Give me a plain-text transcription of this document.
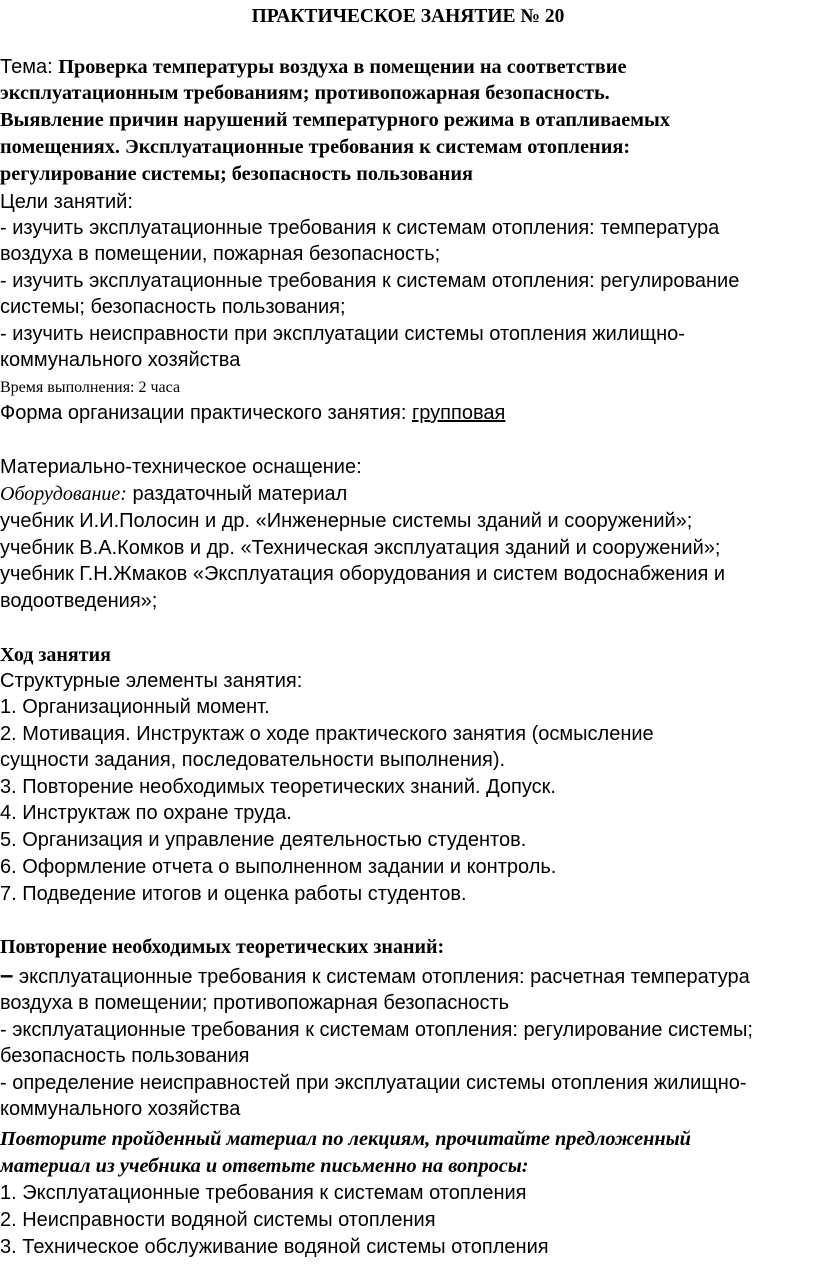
ПРАКТИЧЕСКОЕ ЗАНЯТИЕ № 20
Тема: Проверка температуры воздуха в помещении на соответствие
эксплуатационным требованиям; противопожарная безопасность.
Выявление причин нарушений температурного режима в отапливаемых
помещениях. Эксплуатационные требования к системам отопления:
регулирование системы; безопасность пользования
Цели занятий:
- изучить эксплуатационные требования к системам отопления: температура
воздуха в помещении, пожарная безопасность;
- изучить эксплуатационные требования к системам отопления: регулирование
системы; безопасность пользования;
- изучить неисправности при эксплуатации системы отопления жилищно-
коммунального хозяйства
Время выполнения: 2 часа
Форма организации практического занятия: групповая
Материально-техническое оснащение:
Оборудование: раздаточный материал
учебник И.И.Полосин и др. «Инженерные системы зданий и сооружений»;
учебник В.А.Комков и др. «Техническая эксплуатация зданий и сооружений»;
учебник Г.Н.Жмаков «Эксплуатация оборудования и систем водоснабжения и
водоотведения»;
Ход занятия
Структурные элементы занятия:
1. Организационный момент.
2. Мотивация. Инструктаж о ходе практического занятия (осмысление
сущности задания, последовательности выполнения).
3. Повторение необходимых теоретических знаний. Допуск.
4. Инструктаж по охране труда.
5. Организация и управление деятельностью студентов.
6. Оформление отчета о выполненном задании и контроль.
7. Подведение итогов и оценка работы студентов.
Повторение необходимых теоретических знаний:
– эксплуатационные требования к системам отопления: расчетная температура
воздуха в помещении; противопожарная безопасность
- эксплуатационные требования к системам отопления: регулирование системы;
безопасность пользования
- определение неисправностей при эксплуатации системы отопления жилищно-
коммунального хозяйства
Повторите пройденный материал по лекциям, прочитайте предложенный
материал из учебника и ответьте письменно на вопросы:
1. Эксплуатационные требования к системам отопления
2. Неисправности водяной системы отопления
3. Техническое обслуживание водяной системы отопления
